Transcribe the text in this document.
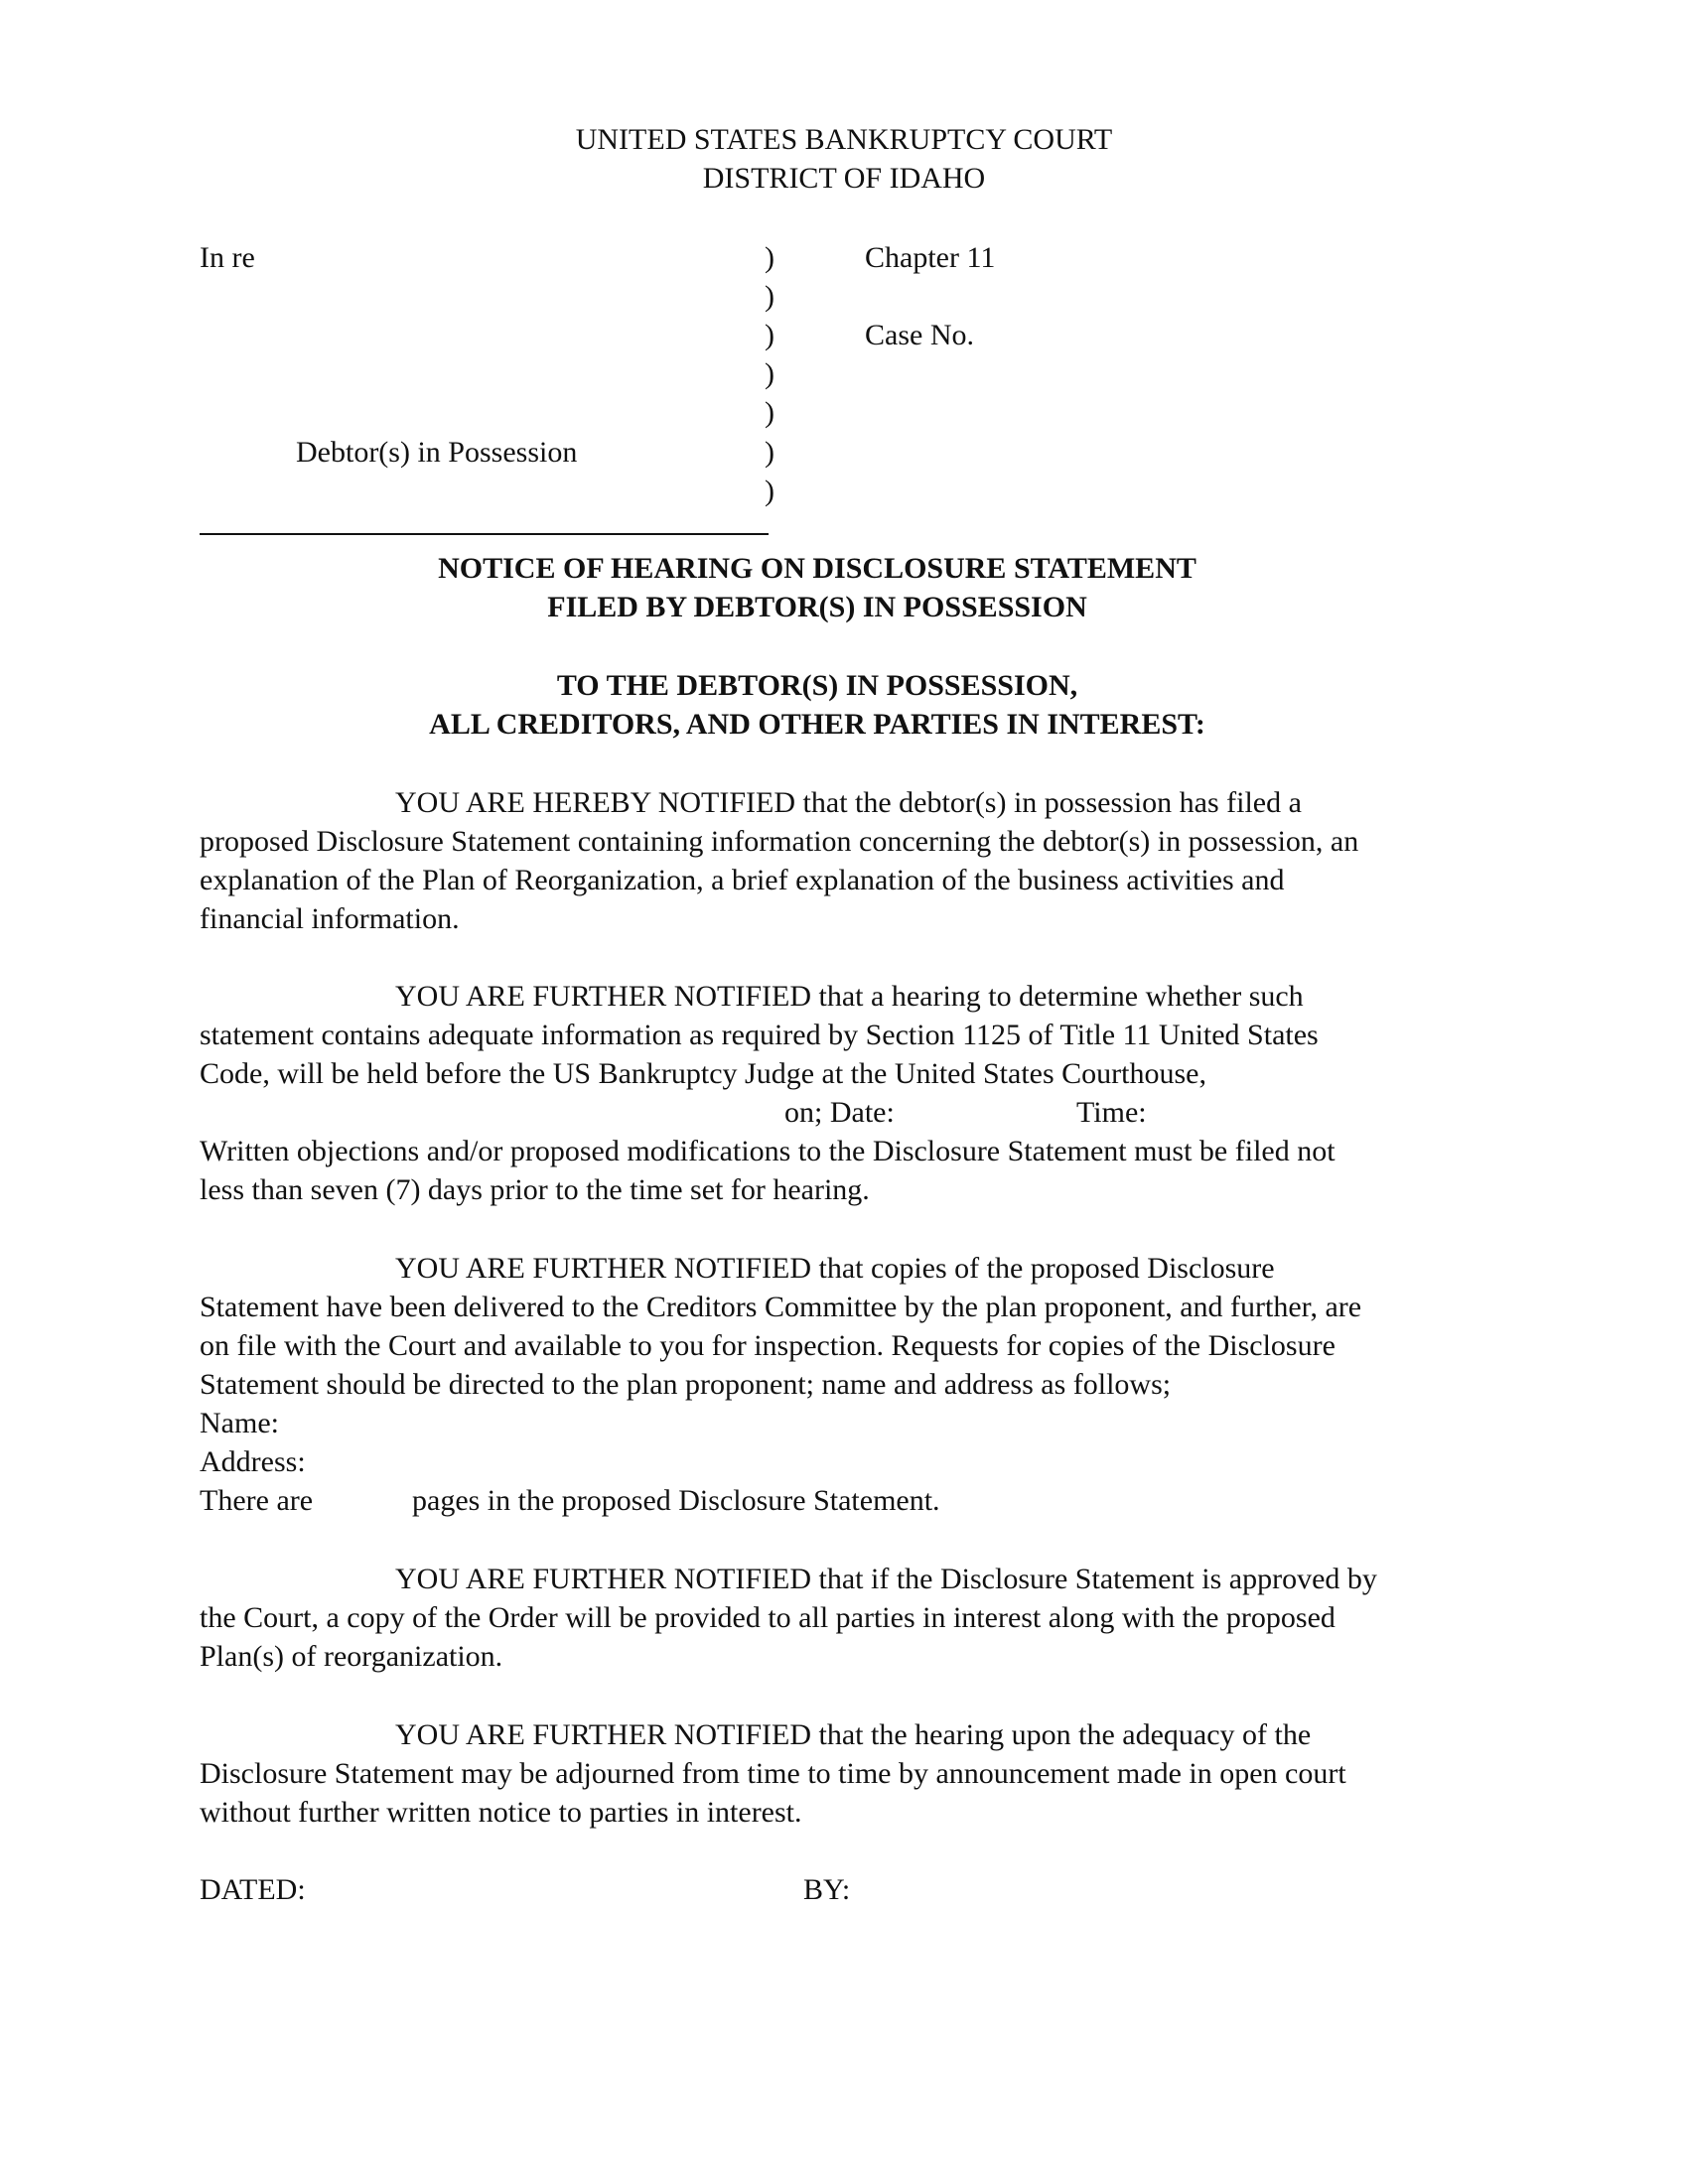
UNITED STATES BANKRUPTCY COURT
DISTRICT OF IDAHO
In re
Debtor(s) in Possession
)
)
)
)
)
)
)
Chapter 11
Case No.
NOTICE OF HEARING ON DISCLOSURE STATEMENT
FILED BY DEBTOR(S) IN POSSESSION
TO THE DEBTOR(S) IN POSSESSION,
ALL CREDITORS, AND OTHER PARTIES IN INTEREST:
YOU ARE HEREBY NOTIFIED that the debtor(s) in possession has filed a
proposed Disclosure Statement containing information concerning the debtor(s) in possession, an
explanation of the Plan of Reorganization, a brief explanation of the business activities and
financial information.
YOU ARE FURTHER NOTIFIED that a hearing to determine whether such
statement contains adequate information as required by Section 1125 of Title 11 United States
Code, will be held before the US Bankruptcy Judge at the United States Courthouse,
on; Date:	Time:
Written objections and/or proposed modifications to the Disclosure Statement must be filed not
less than seven (7) days prior to the time set for hearing.
YOU ARE FURTHER NOTIFIED that copies of the proposed Disclosure
Statement have been delivered to the Creditors Committee by the plan proponent, and further, are
on file with the Court and available to you for inspection. Requests for copies of the Disclosure
Statement should be directed to the plan proponent; name and address as follows;
Name:
Address:
There are	pages in the proposed Disclosure Statement.
YOU ARE FURTHER NOTIFIED that if the Disclosure Statement is approved by
the Court, a copy of the Order will be provided to all parties in interest along with the proposed
Plan(s) of reorganization.
YOU ARE FURTHER NOTIFIED that the hearing upon the adequacy of the
Disclosure Statement may be adjourned from time to time by announcement made in open court
without further written notice to parties in interest.
DATED:	BY:
